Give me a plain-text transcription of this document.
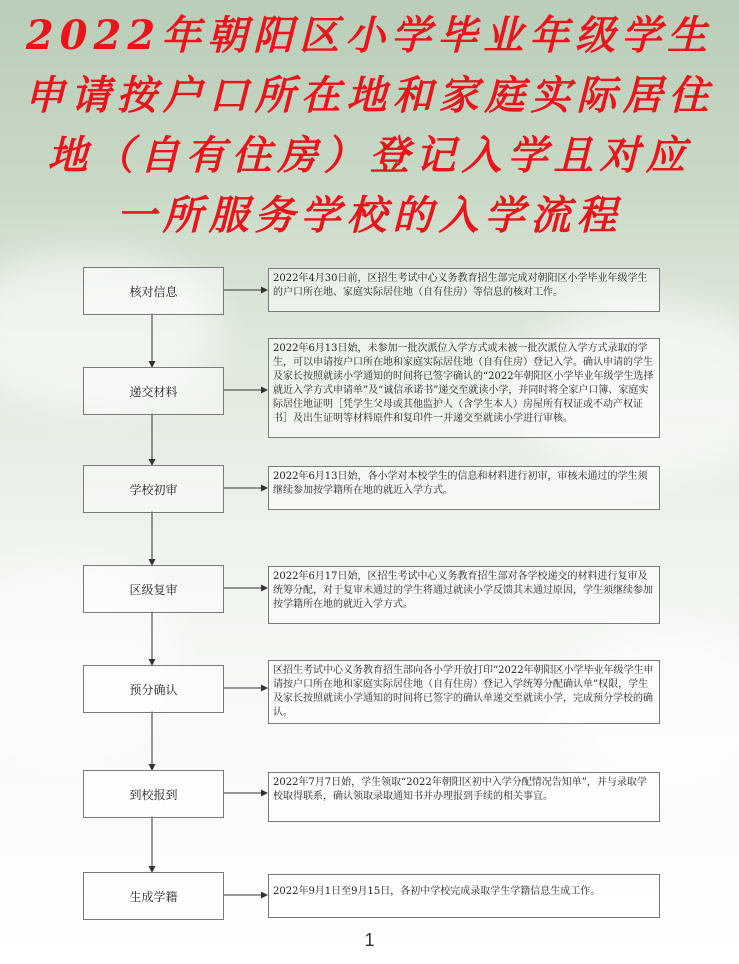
2022年朝阳区小学毕业年级学生
申请按户口所在地和家庭实际居住
地（自有住房）登记入学且对应
一所服务学校的入学流程
核对信息
2022年4月30日前，区招生考试中心义务教育招生部完成对朝阳区小学毕业年级学生的户口所在地、家庭实际居住地（自有住房）等信息的核对工作。
递交材料
2022年6月13日始，未参加一批次派位入学方式或未被一批次派位入学方式录取的学生，可以申请按户口所在地和家庭实际居住地（自有住房）登记入学。确认申请的学生及家长按照就读小学通知的时间将已签字确认的“2022年朝阳区小学毕业年级学生选择就近入学方式申请单”及“诚信承诺书”递交至就读小学，并同时将全家户口簿、家庭实际居住地证明［凭学生父母或其他监护人（含学生本人）房屋所有权证或不动产权证书］及出生证明等材料原件和复印件一并递交至就读小学进行审核。
学校初审
2022年6月13日始，各小学对本校学生的信息和材料进行初审，审核未通过的学生须继续参加按学籍所在地的就近入学方式。
区级复审
2022年6月17日始，区招生考试中心义务教育招生部对各学校递交的材料进行复审及统筹分配，对于复审未通过的学生将通过就读小学反馈其未通过原因，学生须继续参加按学籍所在地的就近入学方式。
预分确认
区招生考试中心义务教育招生部向各小学开放打印“2022年朝阳区小学毕业年级学生申请按户口所在地和家庭实际居住地（自有住房）登记入学统筹分配确认单”权限，学生及家长按照就读小学通知的时间将已签字的确认单递交至就读小学，完成预分学校的确认。
到校报到
2022年7月7日始，学生领取“2022年朝阳区初中入学分配情况告知单”，并与录取学校取得联系，确认领取录取通知书并办理报到手续的相关事宜。
生成学籍	2022年9月1日至9月15日，各初中学校完成录取学生学籍信息生成工作。
1
